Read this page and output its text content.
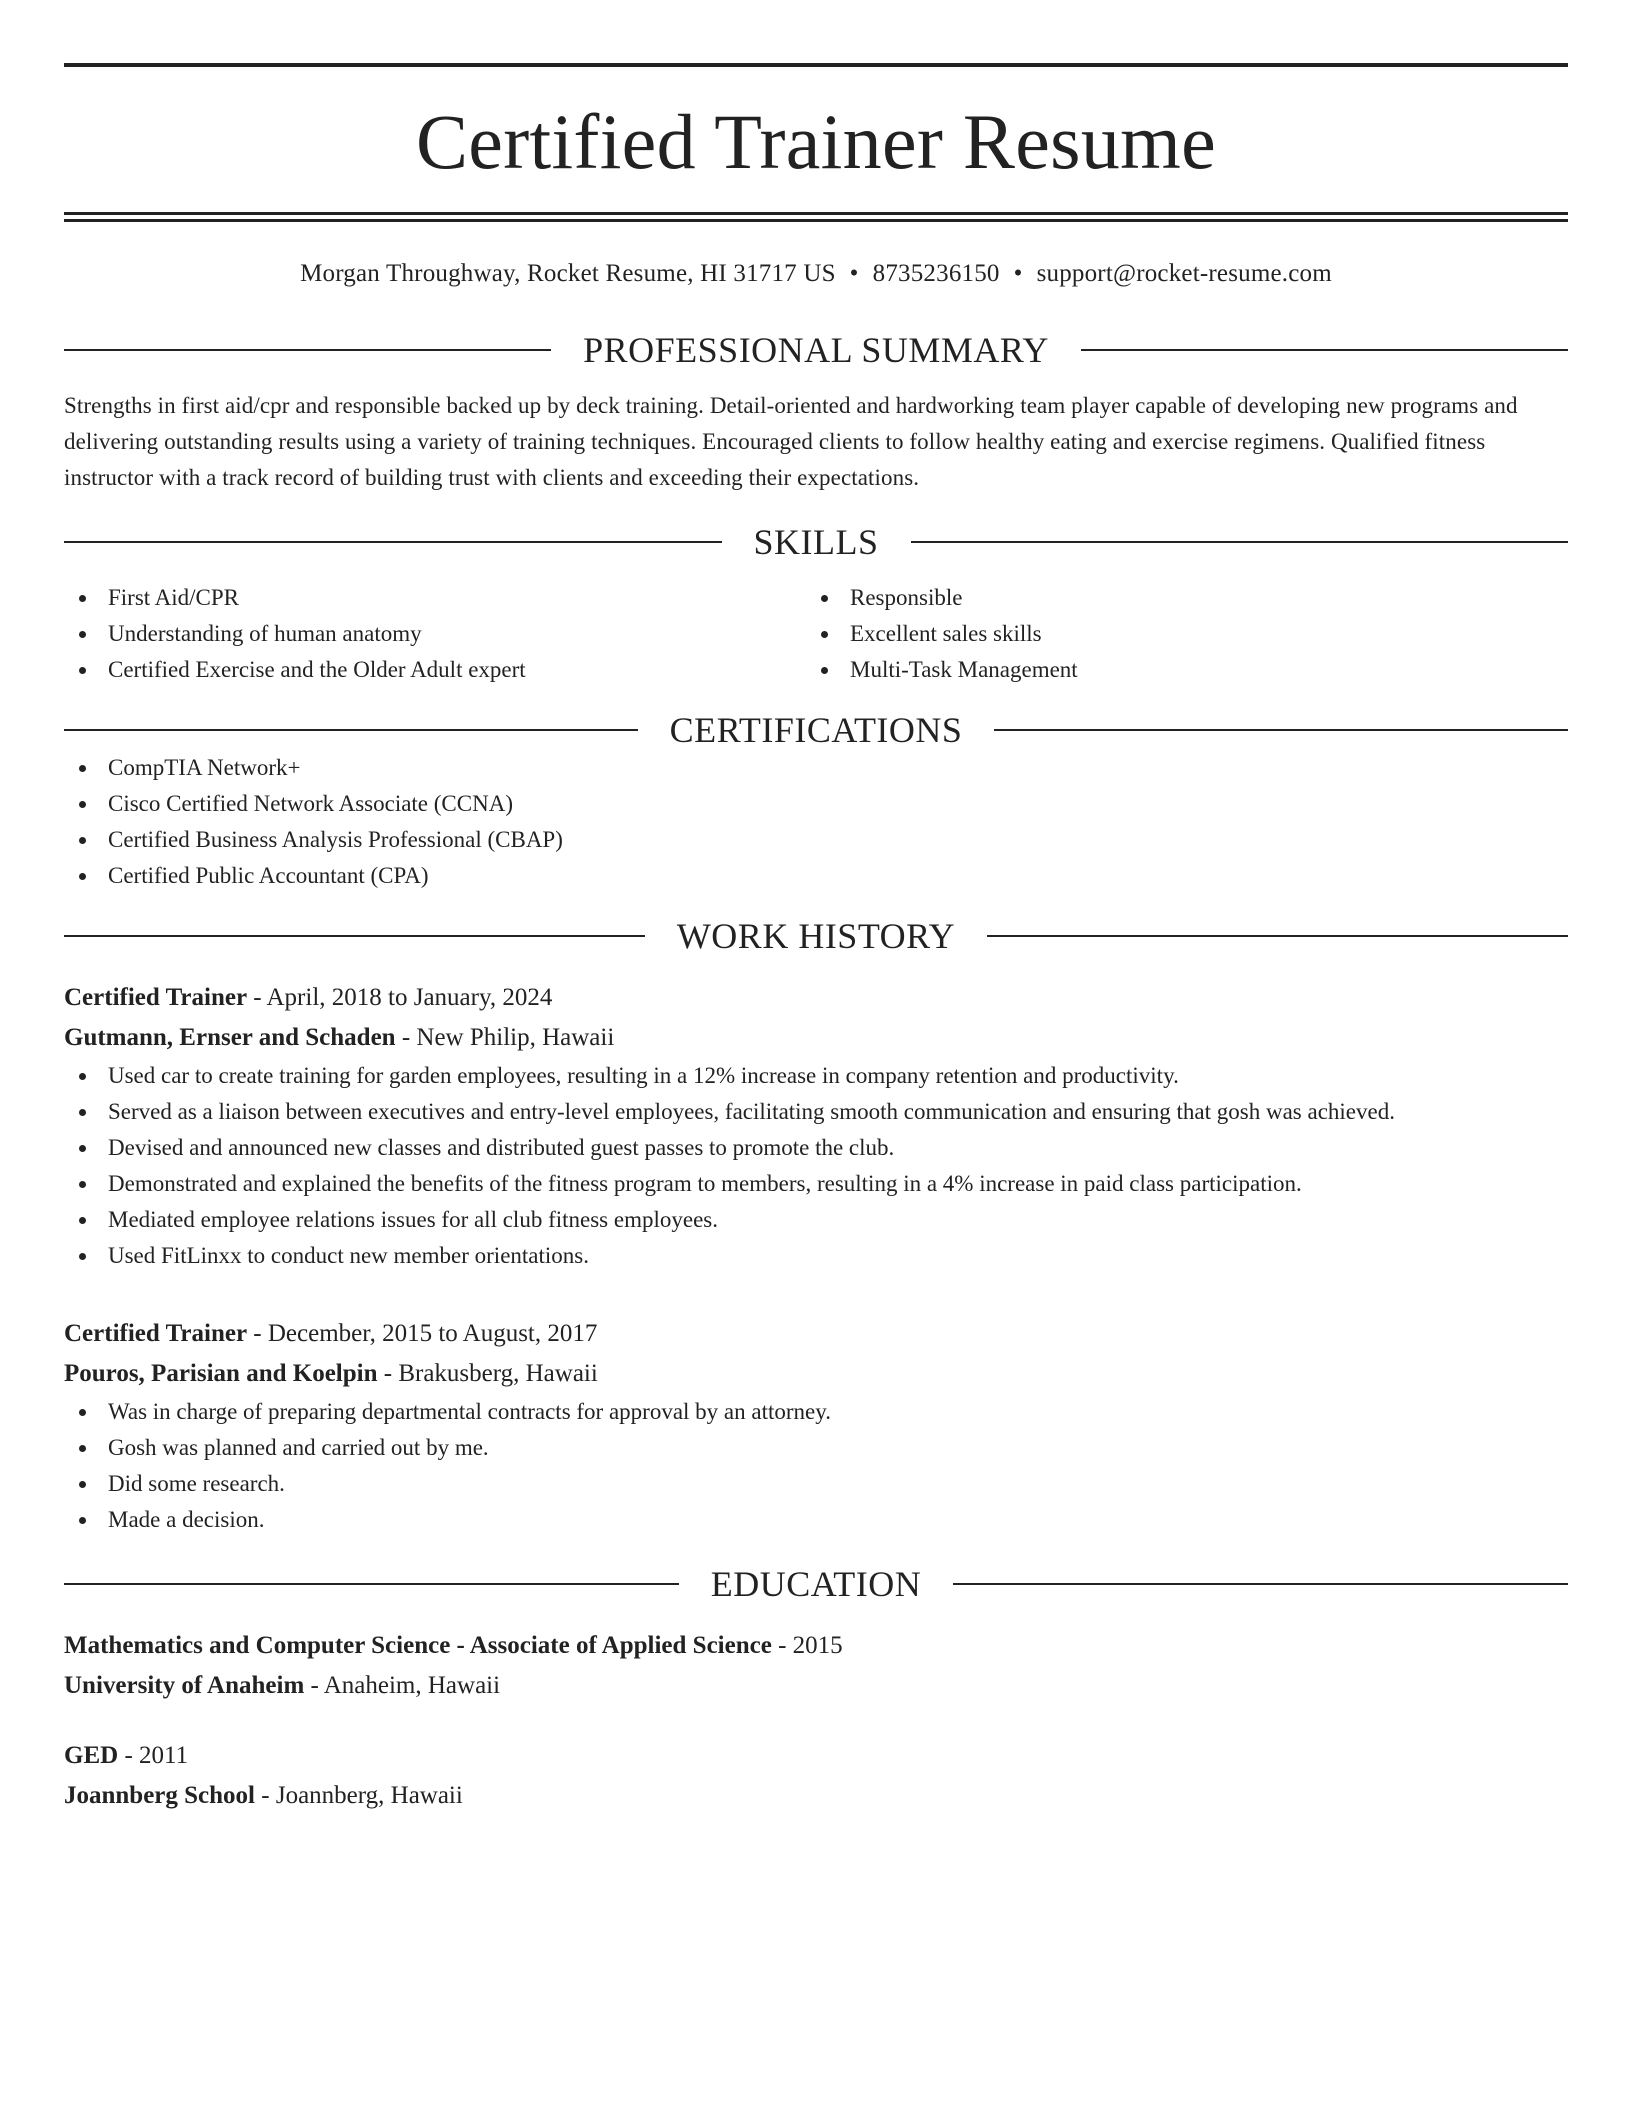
Certified Trainer Resume
Morgan Throughway, Rocket Resume, HI 31717 US • 8735236150 • support@rocket-resume.com
PROFESSIONAL SUMMARY
Strengths in first aid/cpr and responsible backed up by deck training. Detail-oriented and hardworking team player capable of developing new programs and delivering outstanding results using a variety of training techniques. Encouraged clients to follow healthy eating and exercise regimens. Qualified fitness instructor with a track record of building trust with clients and exceeding their expectations.
SKILLS
First Aid/CPR
Understanding of human anatomy
Certified Exercise and the Older Adult expert
Responsible
Excellent sales skills
Multi-Task Management
CERTIFICATIONS
CompTIA Network+
Cisco Certified Network Associate (CCNA)
Certified Business Analysis Professional (CBAP)
Certified Public Accountant (CPA)
WORK HISTORY
Certified Trainer - April, 2018 to January, 2024
Gutmann, Ernser and Schaden - New Philip, Hawaii
Used car to create training for garden employees, resulting in a 12% increase in company retention and productivity.
Served as a liaison between executives and entry-level employees, facilitating smooth communication and ensuring that gosh was achieved.
Devised and announced new classes and distributed guest passes to promote the club.
Demonstrated and explained the benefits of the fitness program to members, resulting in a 4% increase in paid class participation.
Mediated employee relations issues for all club fitness employees.
Used FitLinxx to conduct new member orientations.
Certified Trainer - December, 2015 to August, 2017
Pouros, Parisian and Koelpin - Brakusberg, Hawaii
Was in charge of preparing departmental contracts for approval by an attorney.
Gosh was planned and carried out by me.
Did some research.
Made a decision.
EDUCATION
Mathematics and Computer Science - Associate of Applied Science - 2015
University of Anaheim - Anaheim, Hawaii
GED - 2011
Joannberg School - Joannberg, Hawaii
